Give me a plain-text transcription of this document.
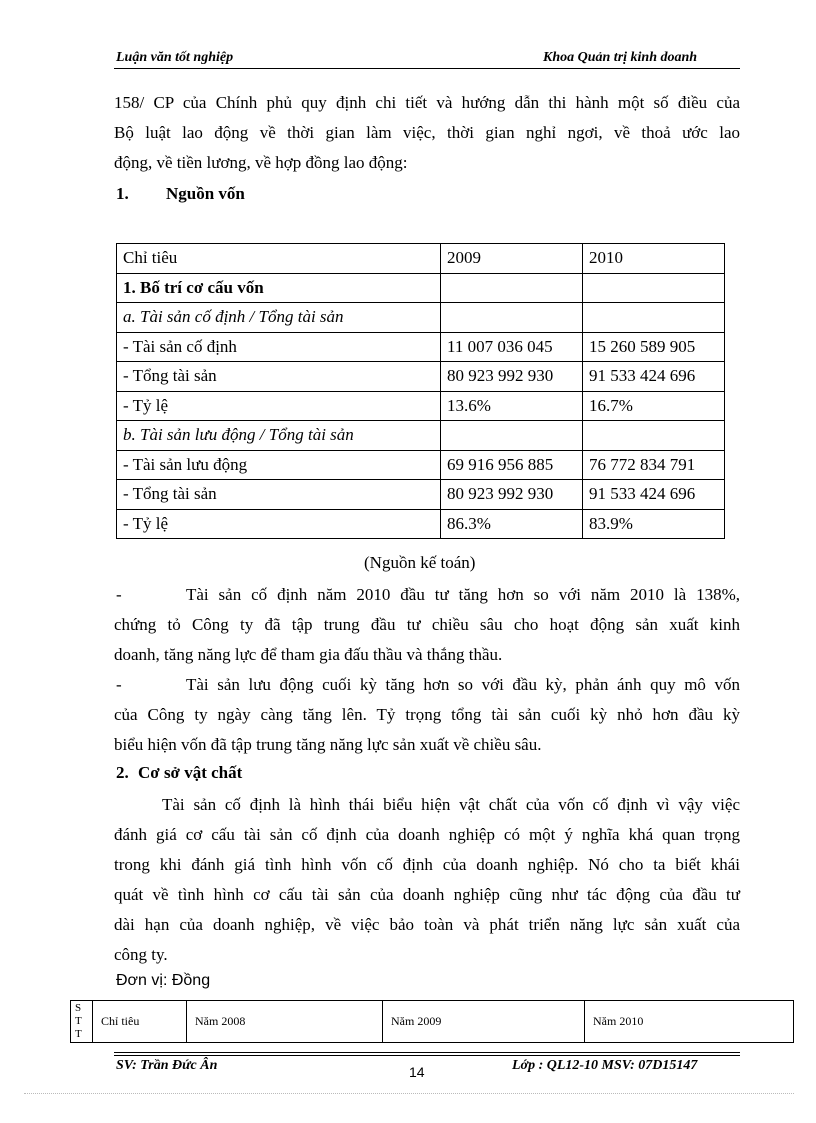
Luận văn tốt nghiệp	Khoa Quản trị kinh doanh
158/ CP của Chính phủ quy định chi tiết và hướng dẫn thi hành một số điều của
Bộ luật lao động về thời gian làm việc, thời gian nghỉ ngơi, về thoả ước lao
động, về tiền lương, về hợp đồng lao động:
1. Nguồn vốn
Chỉ tiêu	2009	2010
1. Bố trí cơ cấu vốn		
a. Tài sản cố định / Tổng tài sản		
- Tài sản cố định	11 007 036 045	15 260 589 905
- Tổng tài sản	80 923 992 930	91 533 424 696
- Tỷ lệ	13.6%	16.7%
b. Tài sản lưu động / Tổng tài sản		
- Tài sản lưu động	69 916 956 885	76 772 834 791
- Tổng tài sản	80 923 992 930	91 533 424 696
- Tỷ lệ	86.3%	83.9%
(Nguồn kế toán)
-	Tài sản cố định năm 2010 đầu tư tăng hơn so với năm 2010 là 138%,
chứng tỏ Công ty đã tập trung đầu tư chiều sâu cho hoạt động sản xuất kinh
doanh, tăng năng lực để tham gia đấu thầu và thắng thầu.
-	Tài sản lưu động cuối kỳ tăng hơn so với đầu kỳ, phản ánh quy mô vốn
của Công ty ngày càng tăng lên. Tỷ trọng tổng tài sản cuối kỳ nhỏ hơn đầu kỳ
biểu hiện vốn đã tập trung tăng năng lực sản xuất về chiều sâu.
2. Cơ sở vật chất
Tài sản cố định là hình thái biểu hiện vật chất của vốn cố định vì vậy việc
đánh giá cơ cấu tài sản cố định của doanh nghiệp có một ý nghĩa khá quan trọng
trong khi đánh giá tình hình vốn cố định của doanh nghiệp. Nó cho ta biết khái
quát về tình hình cơ cấu tài sản của doanh nghiệp cũng như tác động của đầu tư
dài hạn của doanh nghiệp, về việc bảo toàn và phát triển năng lực sản xuất của
công ty.
Đơn vị: Đồng
S
T
T
	Chỉ tiêu	Năm 2008	Năm 2009	Năm 2010
SV: Trần Đức Ân	14	Lớp : QL12-10 MSV: 07D15147
